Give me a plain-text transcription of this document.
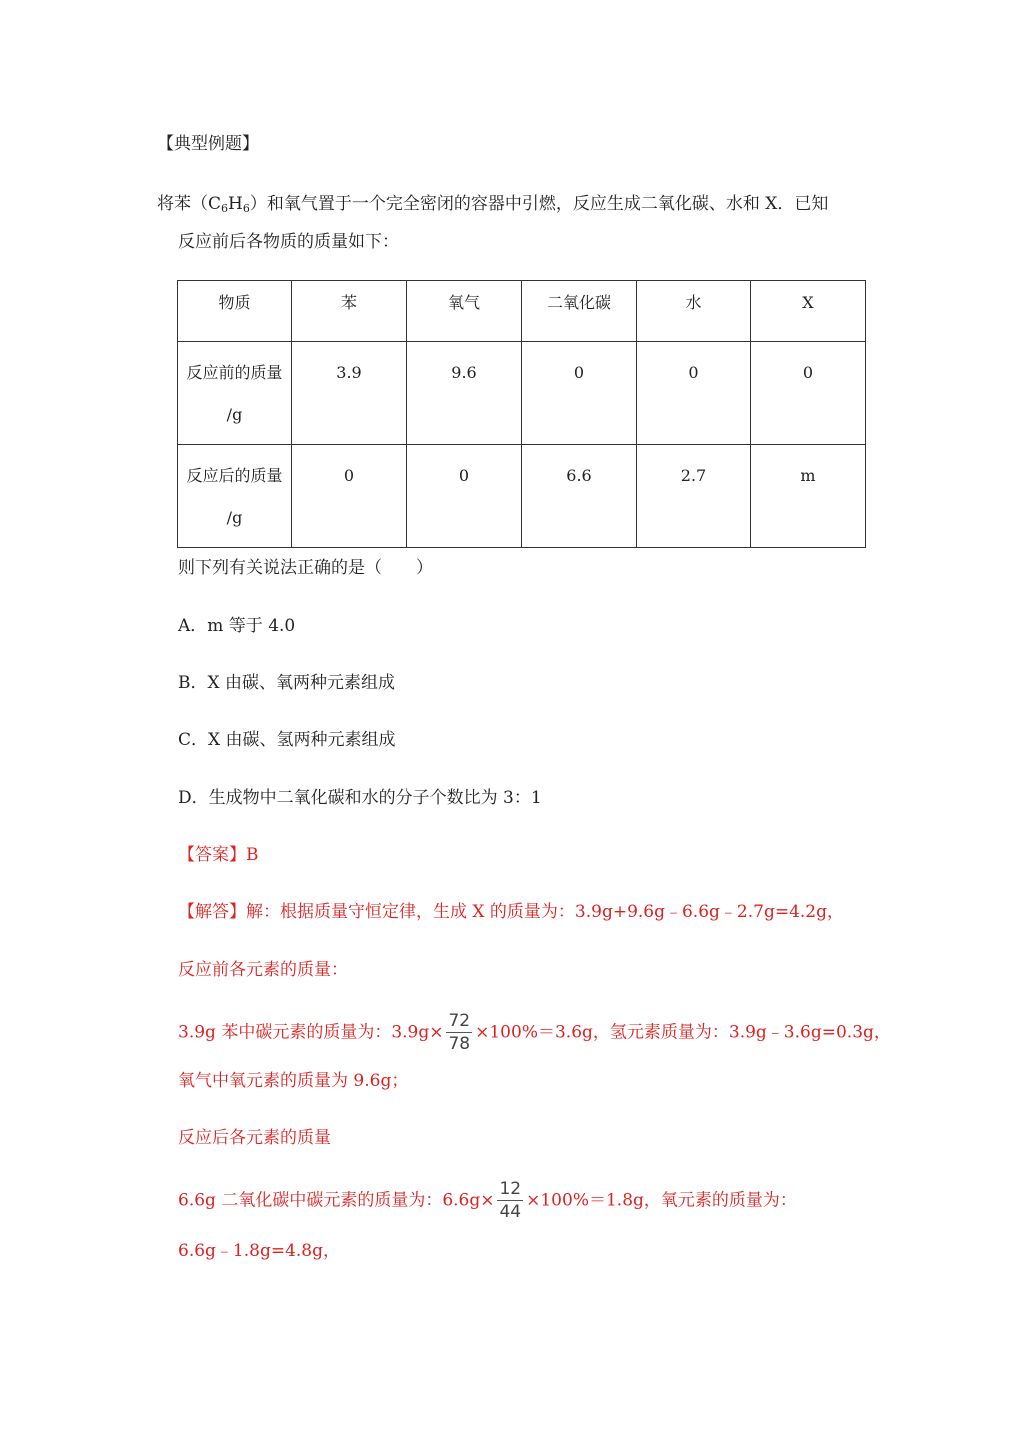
【典型例题】
将苯$(C_6H_6)$和氧气置于一个完全密闭的容器中引燃，反应生成二氧化碳、水和 X．已知
反应前后各物质的质量如下：
物质	苯	氧气	二氧化碳	水	X

反应前的质量
/g	3.9	9.6	0	0	0

反应后的质量
/g	0	0	6.6	2.7	m
则下列有关说法正确的是（　　）
A．m 等于 4.0
B．X 由碳、氧两种元素组成
C．X 由碳、氢两种元素组成
D．生成物中二氧化碳和水的分子个数比为 3：1
【答案】B
【解答】解：根据质量守恒定律，生成 X 的质量为：3.9g+9.6g﹣6.6g﹣2.7g=4.2g，
反应前各元素的质量：
3.9g 苯中碳元素的质量为：$3.9g\times \frac{72}{78} \times 100\%=3.6g$，氢元素质量为：3.9g﹣3.6g=0.3g，
氧气中氧元素的质量为 9.6g；
反应后各元素的质量
6.6g 二氧化碳中碳元素的质量为：$6.6g\times \frac{12}{44} \times 100\%=1.8g$，氧元素的质量为：
6.6g﹣1.8g=4.8g，
